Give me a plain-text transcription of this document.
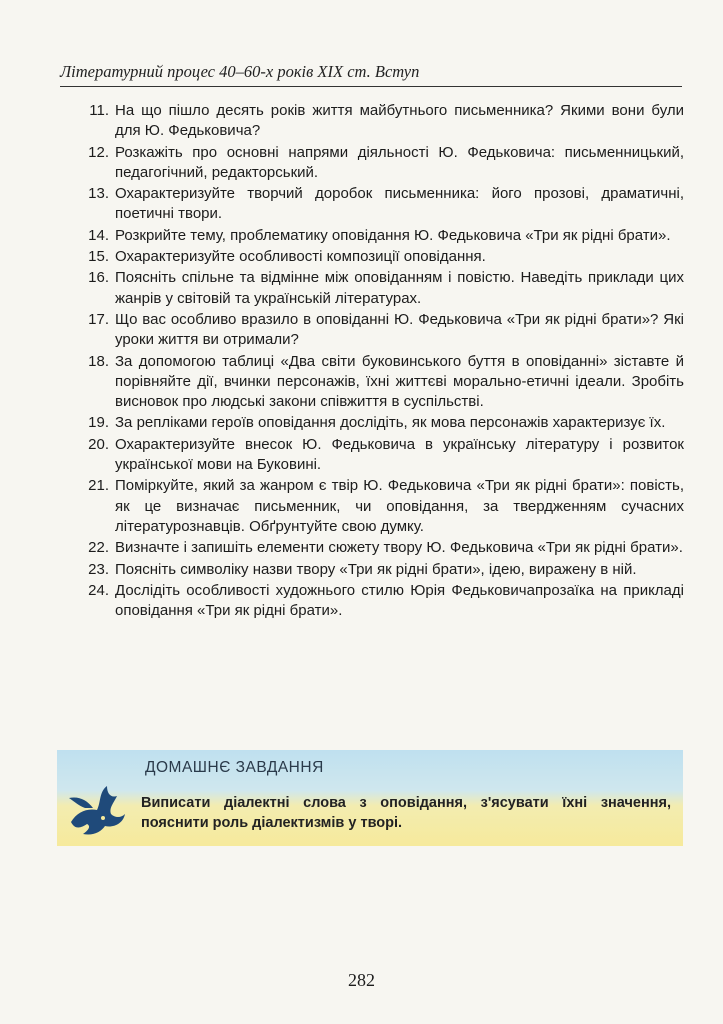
Літературний процес 40–60-х років XIX ст. Вступ
11. На що пішло десять років життя майбутнього письменника? Якими вони були для Ю. Федьковича?
12. Розкажіть про основні напрями діяльності Ю. Федьковича: письменницький, педагогічний, редакторський.
13. Охарактеризуйте творчий доробок письменника: його прозові, драматичні, поетичні твори.
14. Розкрийте тему, проблематику оповідання Ю. Федьковича «Три як рідні брати».
15. Охарактеризуйте особливості композиції оповідання.
16. Поясніть спільне та відмінне між оповіданням і повістю. Наведіть приклади цих жанрів у світовій та українській літературах.
17. Що вас особливо вразило в оповіданні Ю. Федьковича «Три як рідні брати»? Які уроки життя ви отримали?
18. За допомогою таблиці «Два світи буковинського буття в оповіданні» зіставте й порівняйте дії, вчинки персонажів, їхні життєві морально-етичні ідеали. Зробіть висновок про людські закони співжиття в суспільстві.
19. За репліками героїв оповідання дослідіть, як мова персонажів характеризує їх.
20. Охарактеризуйте внесок Ю. Федьковича в українську літературу і розвиток української мови на Буковині.
21. Поміркуйте, який за жанром є твір Ю. Федьковича «Три як рідні брати»: повість, як це визначає письменник, чи оповідання, за твердженням сучасних літературознавців. Обґрунтуйте свою думку.
22. Визначте і запишіть елементи сюжету твору Ю. Федьковича «Три як рідні брати».
23. Поясніть символіку назви твору «Три як рідні брати», ідею, виражену в ній.
24. Дослідіть особливості художнього стилю Юрія Федьковичапрозаїка на прикладі оповідання «Три як рідні брати».
ДОМАШНЄ ЗАВДАННЯ
Виписати діалектні слова з оповідання, з'ясувати їхні значення, пояснити роль діалектизмів у творі.
282
